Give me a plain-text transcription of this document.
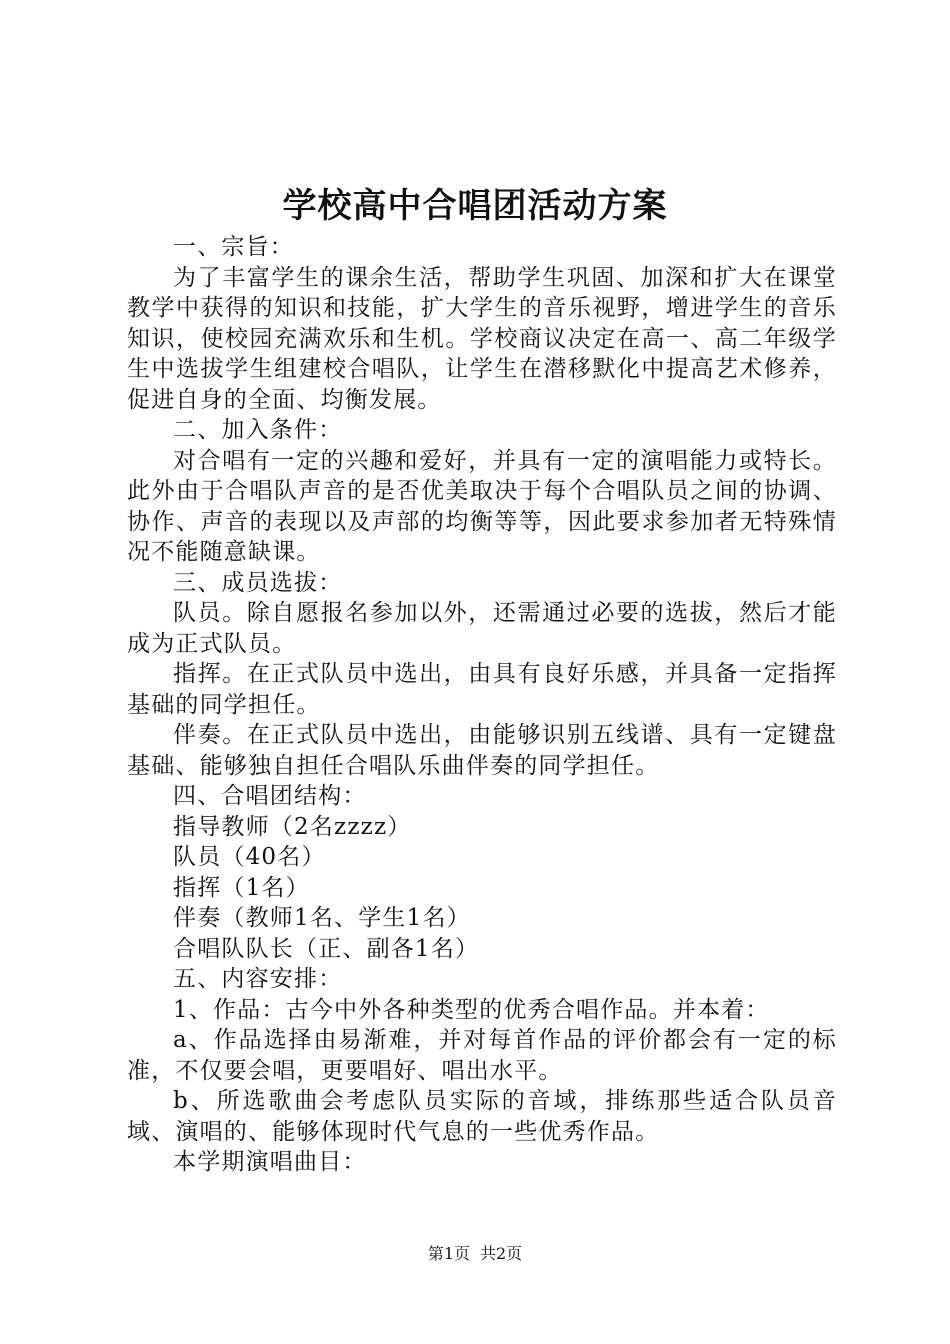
学校高中合唱团活动方案

一、宗旨：

为了丰富学生的课余生活，帮助学生巩固、加深和扩大在课堂教学中获得的知识和技能，扩大学生的音乐视野，增进学生的音乐知识，使校园充满欢乐和生机。学校商议决定在高一、高二年级学生中选拔学生组建校合唱队，让学生在潜移默化中提高艺术修养，促进自身的全面、均衡发展。

二、加入条件：

对合唱有一定的兴趣和爱好，并具有一定的演唱能力或特长。此外由于合唱队声音的是否优美取决于每个合唱队员之间的协调、协作、声音的表现以及声部的均衡等等，因此要求参加者无特殊情况不能随意缺课。

三、成员选拔：

队员。除自愿报名参加以外，还需通过必要的选拔，然后才能成为正式队员。

指挥。在正式队员中选出，由具有良好乐感，并具备一定指挥基础的同学担任。

伴奏。在正式队员中选出，由能够识别五线谱、具有一定键盘基础、能够独自担任合唱队乐曲伴奏的同学担任。

四、合唱团结构：

指导教师（2名zzzz）

队员（40名）

指挥（1名）

伴奏（教师1名、学生1名）

合唱队队长（正、副各1名）

五、内容安排：

1、作品：古今中外各种类型的优秀合唱作品。并本着：

a、作品选择由易渐难，并对每首作品的评价都会有一定的标准，不仅要会唱，更要唱好、唱出水平。

b、所选歌曲会考虑队员实际的音域，排练那些适合队员音域、演唱的、能够体现时代气息的一些优秀作品。

本学期演唱曲目：

第1页 共2页
